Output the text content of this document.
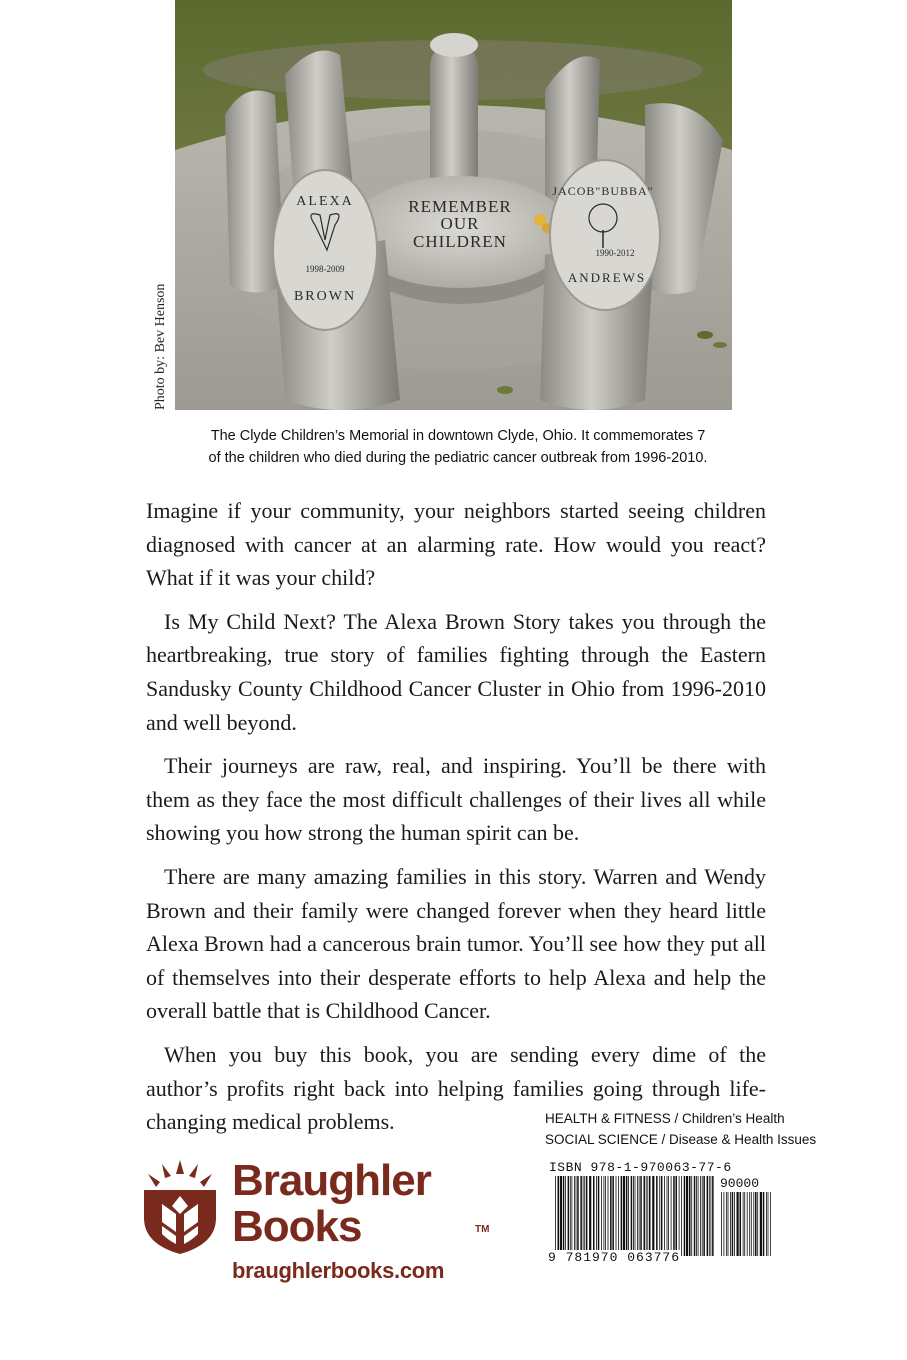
REMEMBER
OUR
CHILDREN
ALEXA
1998-2009
BROWN
JACOB"BUBBA"
1990-2012
ANDREWS
Photo by: Bev Henson
The Clyde Children’s Memorial in downtown Clyde, Ohio. It commemorates 7
of the children who died during the pediatric cancer outbreak from 1996-2010.

Imagine if your community, your neighbors started seeing children diagnosed with cancer at an alarming rate. How would you react? What if it was your child?

Is My Child Next? The Alexa Brown Story takes you through the heartbreaking, true story of families fighting through the Eastern Sandusky County Childhood Cancer Cluster in Ohio from 1996-2010 and well beyond.

Their journeys are raw, real, and inspiring. You’ll be there with them as they face the most difficult challenges of their lives all while showing you how strong the human spirit can be.

There are many amazing families in this story. Warren and Wendy Brown and their family were changed forever when they heard little Alexa Brown had a cancerous brain tumor. You’ll see how they put all of themselves into their desperate efforts to help Alexa and help the overall battle that is Childhood Cancer.

When you buy this book, you are sending every dime of the author’s profits right back into helping families going through life-changing medical problems.	HEALTH & FITNESS / Children’s Health
SOCIAL SCIENCE / Disease & Health Issues
ISBN 978-1-970063-77-6
90000
9 781970 063776
Braughler
Books	TM
braughlerbooks.com
